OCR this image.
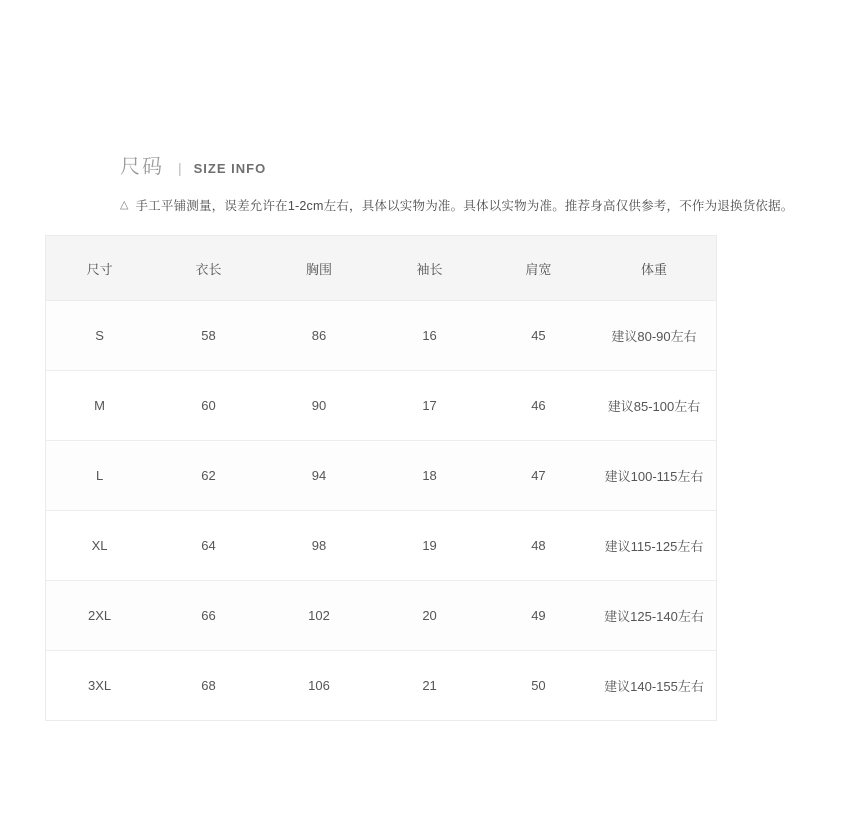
尺码 | SIZE INFO
△ 手工平铺测量，误差允许在1-2cm左右，具体以实物为准。具体以实物为准。推荐身高仅供参考，不作为退换货依据。
尺寸	衣长	胸围	袖长	肩宽	体重
S	58	86	16	45	建议80-90左右
M	60	90	17	46	建议85-100左右
L	62	94	18	47	建议100-115左右
XL	64	98	19	48	建议115-125左右
2XL	66	102	20	49	建议125-140左右
3XL	68	106	21	50	建议140-155左右
